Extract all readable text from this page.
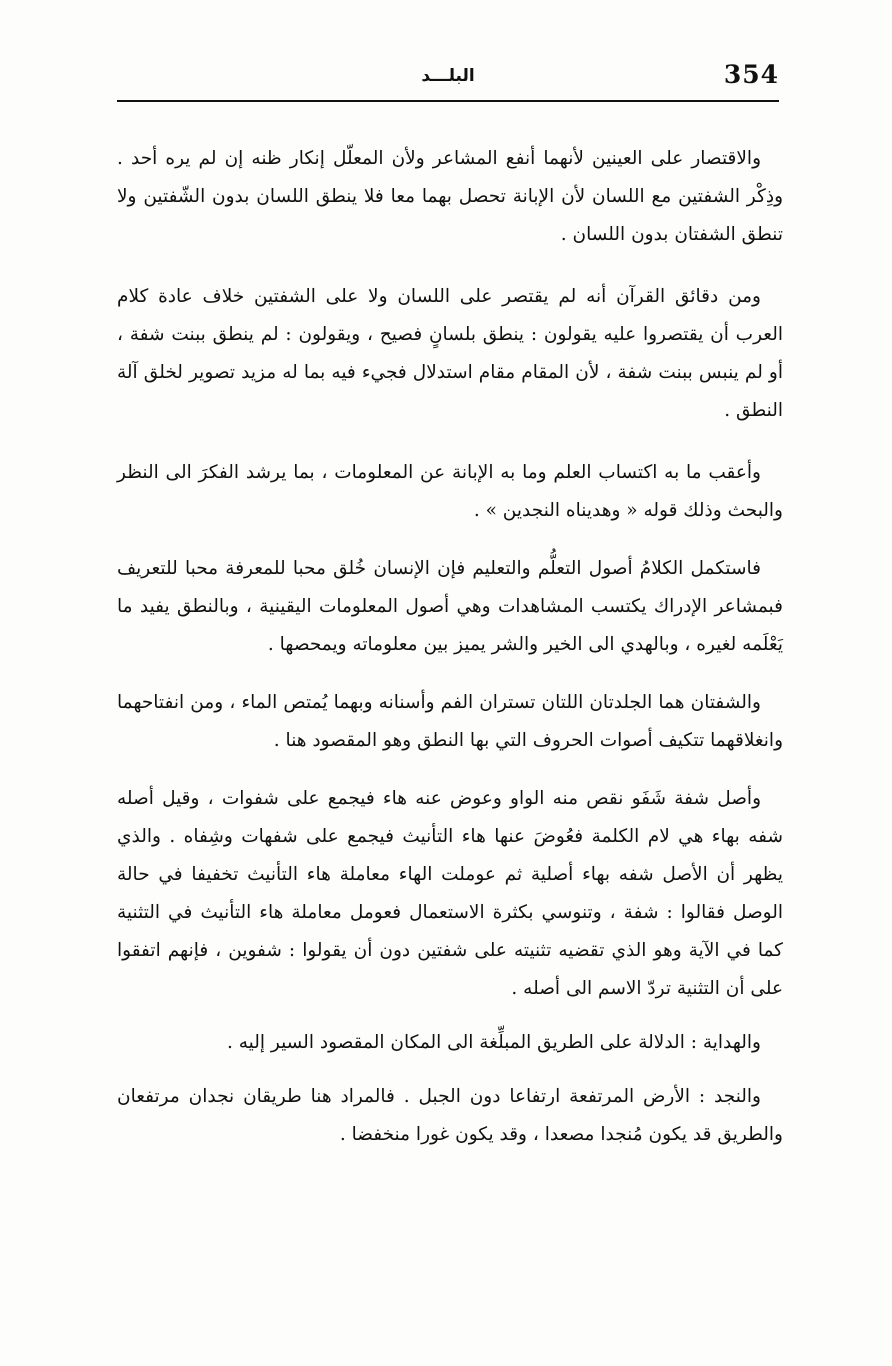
354
البلـــد

والاقتصار على العينين لأنهما أنفع المشاعر ولأن المعلّل إنكار ظنه إن لم يره أحد . وذِكْر الشفتين مع اللسان لأن الإبانة تحصل بهما معا فلا ينطق اللسان بدون الشّفتين ولا تنطق الشفتان بدون اللسان .

ومن دقائق القرآن أنه لم يقتصر على اللسان ولا على الشفتين خلاف عادة كلام العرب أن يقتصروا عليه يقولون : ينطق بلسانٍ فصيح ، ويقولون : لم ينطق ببنت شفة ، أو لم ينبس ببنت شفة ، لأن المقام مقام استدلال فجيء فيه بما له مزيد تصوير لخلق آلة النطق .

وأعقب ما به اكتساب العلم وما به الإبانة عن المعلومات ، بما يرشد الفكرَ الى النظر والبحث وذلك قوله « وهديناه النجدين » .

فاستكمل الكلامُ أصول التعلُّم والتعليم فإن الإنسان خُلق محبا للمعرفة محبا للتعريف فبمشاعر الإدراك يكتسب المشاهدات وهي أصول المعلومات اليقينية ، وبالنطق يفيد ما يَعْلَمه لغيره ، وبالهدي الى الخير والشر يميز بين معلوماته ويمحصها .

والشفتان هما الجلدتان اللتان تستران الفم وأسنانه وبهما يُمتص الماء ، ومن انفتاحهما وانغلاقهما تتكيف أصوات الحروف التي بها النطق وهو المقصود هنا .

وأصل شفة شَفَو نقص منه الواو وعوض عنه هاء فيجمع على شفوات ، وقيل أصله شفه بهاء هي لام الكلمة فعُوضَ عنها هاء التأنيث فيجمع على شفهات وشِفاه . والذي يظهر أن الأصل شفه بهاء أصلية ثم عوملت الهاء معاملة هاء التأنيث تخفيفا في حالة الوصل فقالوا : شفة ، وتنوسي بكثرة الاستعمال فعومل معاملة هاء التأنيث في التثنية كما في الآية وهو الذي تقضيه تثنيته على شفتين دون أن يقولوا : شفوين ، فإنهم اتفقوا على أن التثنية تردّ الاسم الى أصله .

والهداية : الدلالة على الطريق المبلِّغة الى المكان المقصود السير إليه .

والنجد : الأرض المرتفعة ارتفاعا دون الجبل . فالمراد هنا طريقان نجدان مرتفعان والطريق قد يكون مُنجدا مصعدا ، وقد يكون غورا منخفضا .
